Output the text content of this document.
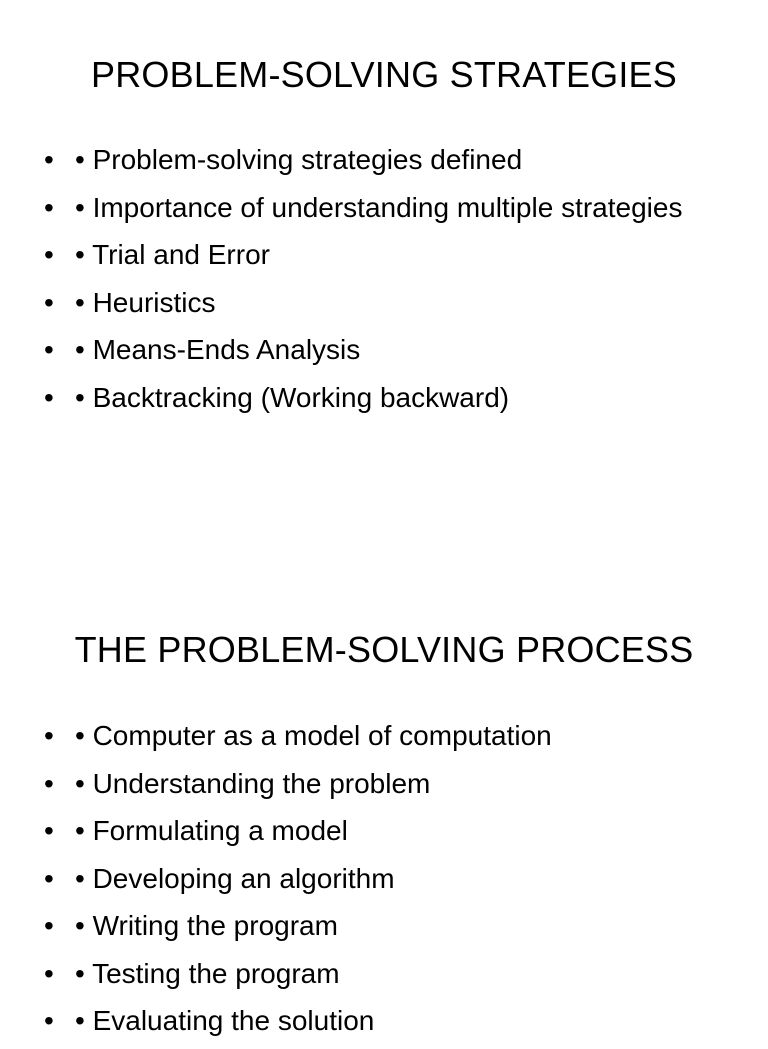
PROBLEM-SOLVING STRATEGIES
• • Problem-solving strategies defined
• • Importance of understanding multiple strategies
• • Trial and Error
• • Heuristics
• • Means-Ends Analysis
• • Backtracking (Working backward)
THE PROBLEM-SOLVING PROCESS
• • Computer as a model of computation
• • Understanding the problem
• • Formulating a model
• • Developing an algorithm
• • Writing the program
• • Testing the program
• • Evaluating the solution
